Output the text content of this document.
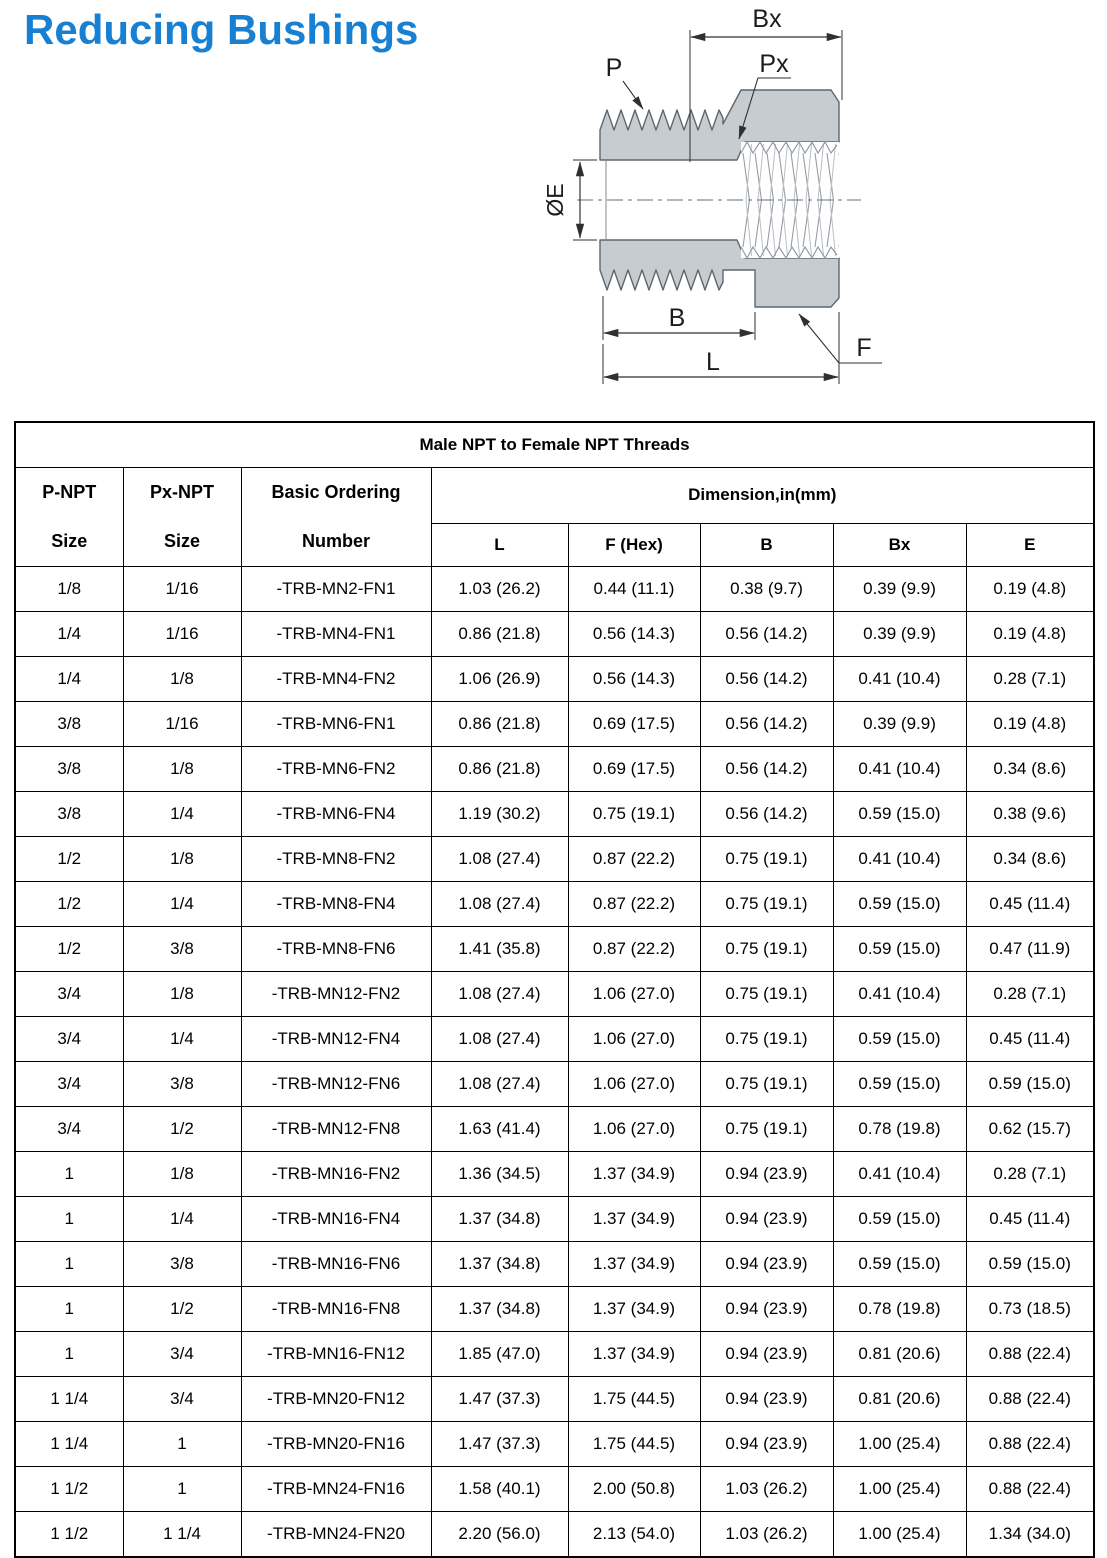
Reducing Bushings	Bx
P	Px
ØE
B
L	F
Male NPT to Female NPT Threads							

P-NPT
Size	Px-NPT
Size	Basic Ordering
Number	Dimension,in(mm)				
			L	F (Hex)	B	Bx	E
1/8	1/16	-TRB-MN2-FN1	1.03 (26.2)	0.44 (11.1)	0.38 (9.7)	0.39 (9.9)	0.19 (4.8)
1/4	1/16	-TRB-MN4-FN1	0.86 (21.8)	0.56 (14.3)	0.56 (14.2)	0.39 (9.9)	0.19 (4.8)
1/4	1/8	-TRB-MN4-FN2	1.06 (26.9)	0.56 (14.3)	0.56 (14.2)	0.41 (10.4)	0.28 (7.1)
3/8	1/16	-TRB-MN6-FN1	0.86 (21.8)	0.69 (17.5)	0.56 (14.2)	0.39 (9.9)	0.19 (4.8)
3/8	1/8	-TRB-MN6-FN2	0.86 (21.8)	0.69 (17.5)	0.56 (14.2)	0.41 (10.4)	0.34 (8.6)
3/8	1/4	-TRB-MN6-FN4	1.19 (30.2)	0.75 (19.1)	0.56 (14.2)	0.59 (15.0)	0.38 (9.6)
1/2	1/8	-TRB-MN8-FN2	1.08 (27.4)	0.87 (22.2)	0.75 (19.1)	0.41 (10.4)	0.34 (8.6)
1/2	1/4	-TRB-MN8-FN4	1.08 (27.4)	0.87 (22.2)	0.75 (19.1)	0.59 (15.0)	0.45 (11.4)
1/2	3/8	-TRB-MN8-FN6	1.41 (35.8)	0.87 (22.2)	0.75 (19.1)	0.59 (15.0)	0.47 (11.9)
3/4	1/8	-TRB-MN12-FN2	1.08 (27.4)	1.06 (27.0)	0.75 (19.1)	0.41 (10.4)	0.28 (7.1)
3/4	1/4	-TRB-MN12-FN4	1.08 (27.4)	1.06 (27.0)	0.75 (19.1)	0.59 (15.0)	0.45 (11.4)
3/4	3/8	-TRB-MN12-FN6	1.08 (27.4)	1.06 (27.0)	0.75 (19.1)	0.59 (15.0)	0.59 (15.0)
3/4	1/2	-TRB-MN12-FN8	1.63 (41.4)	1.06 (27.0)	0.75 (19.1)	0.78 (19.8)	0.62 (15.7)
1	1/8	-TRB-MN16-FN2	1.36 (34.5)	1.37 (34.9)	0.94 (23.9)	0.41 (10.4)	0.28 (7.1)
1	1/4	-TRB-MN16-FN4	1.37 (34.8)	1.37 (34.9)	0.94 (23.9)	0.59 (15.0)	0.45 (11.4)
1	3/8	-TRB-MN16-FN6	1.37 (34.8)	1.37 (34.9)	0.94 (23.9)	0.59 (15.0)	0.59 (15.0)
1	1/2	-TRB-MN16-FN8	1.37 (34.8)	1.37 (34.9)	0.94 (23.9)	0.78 (19.8)	0.73 (18.5)
1	3/4	-TRB-MN16-FN12	1.85 (47.0)	1.37 (34.9)	0.94 (23.9)	0.81 (20.6)	0.88 (22.4)
1 1/4	3/4	-TRB-MN20-FN12	1.47 (37.3)	1.75 (44.5)	0.94 (23.9)	0.81 (20.6)	0.88 (22.4)
1 1/4	1	-TRB-MN20-FN16	1.47 (37.3)	1.75 (44.5)	0.94 (23.9)	1.00 (25.4)	0.88 (22.4)
1 1/2	1	-TRB-MN24-FN16	1.58 (40.1)	2.00 (50.8)	1.03 (26.2)	1.00 (25.4)	0.88 (22.4)
1 1/2	1 1/4	-TRB-MN24-FN20	2.20 (56.0)	2.13 (54.0)	1.03 (26.2)	1.00 (25.4)	1.34 (34.0)
